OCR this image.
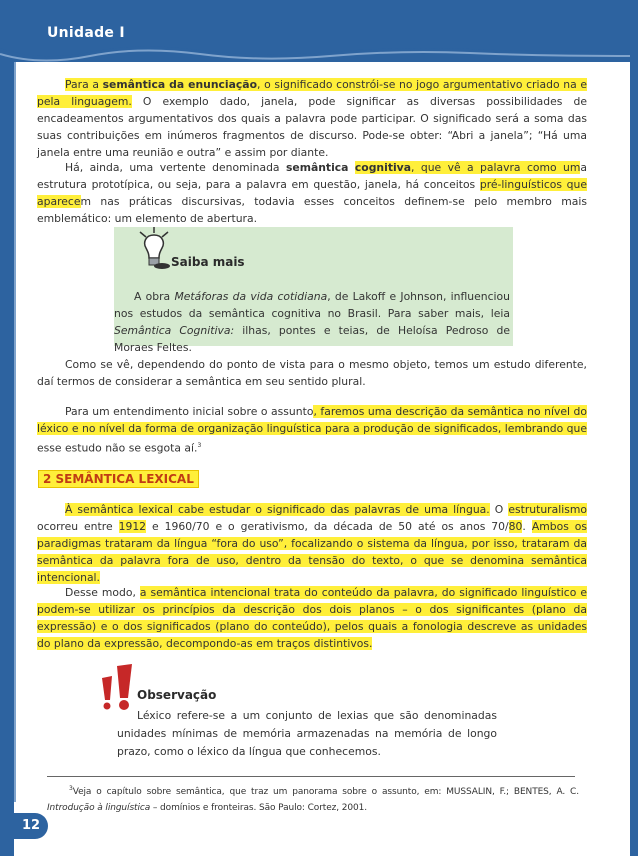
Unidade I

Para a semântica da enunciação, o significado constrói-se no jogo argumentativo criado na e pela linguagem. O exemplo dado, janela, pode significar as diversas possibilidades de encadeamentos argumentativos dos quais a palavra pode participar. O significado será a soma das suas contribuições em inúmeros fragmentos de discurso. Pode-se obter: “Abri a janela”; “Há uma janela entre uma reunião e outra” e assim por diante.

Há, ainda, uma vertente denominada semântica cognitiva, que vê a palavra como uma estrutura prototípica, ou seja, para a palavra em questão, janela, há conceitos pré-linguísticos que aparecem nas práticas discursivas, todavia esses conceitos definem-se pelo membro mais emblemático: um elemento de abertura.

Saiba mais

A obra Metáforas da vida cotidiana, de Lakoff e Johnson, influenciou nos estudos da semântica cognitiva no Brasil. Para saber mais, leia Semântica Cognitiva: ilhas, pontes e teias, de Heloísa Pedroso de Moraes Feltes.

Como se vê, dependendo do ponto de vista para o mesmo objeto, temos um estudo diferente, daí termos de considerar a semântica em seu sentido plural.

Para um entendimento inicial sobre o assunto, faremos uma descrição da semântica no nível do léxico e no nível da forma de organização linguística para a produção de significados, lembrando que esse estudo não se esgota aí.$^3$

2 SEMÂNTICA LEXICAL

À semântica lexical cabe estudar o significado das palavras de uma língua. O estruturalismo ocorreu entre 1912 e 1960/70 e o gerativismo, da década de 50 até os anos 70/80. Ambos os paradigmas trataram da língua “fora do uso”, focalizando o sistema da língua, por isso, trataram da semântica da palavra fora de uso, dentro da tensão do texto, o que se denomina semântica intencional.

Desse modo, a semântica intencional trata do conteúdo da palavra, do significado linguístico e podem-se utilizar os princípios da descrição dos dois planos – o dos significantes (plano da expressão) e o dos significados (plano do conteúdo), pelos quais a fonologia descreve as unidades do plano da expressão, decompondo-as em traços distintivos.

Observação

Léxico refere-se a um conjunto de lexias que são denominadas unidades mínimas de memória armazenadas na memória de longo prazo, como o léxico da língua que conhecemos.

$^3$Veja o capítulo sobre semântica, que traz um panorama sobre o assunto, em: MUSSALIN, F.; BENTES, A. C. Introdução à linguística – domínios e fronteiras. São Paulo: Cortez, 2001.

12
